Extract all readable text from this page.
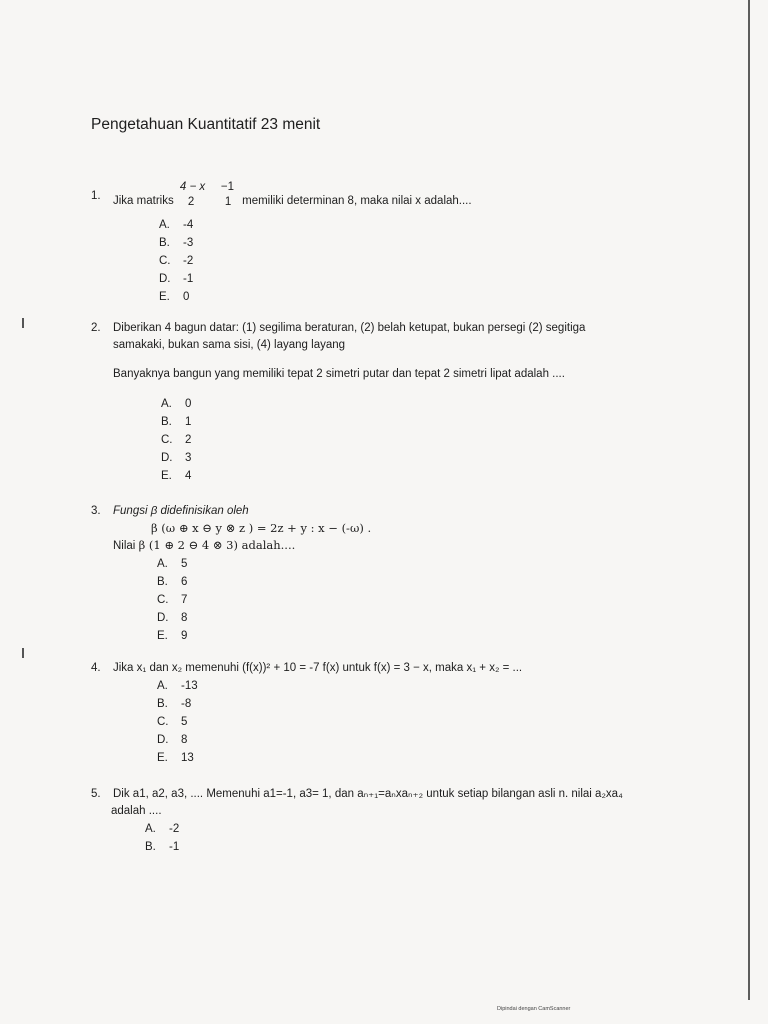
Pengetahuan Kuantitatif 23 menit
1. Jika matriks
4 − x −1
2	1 memiliki determinan 8, maka nilai x adalah....
A. -4
B. -3
C. -2
D. -1
E. 0
2. Diberikan 4 bagun datar: (1) segilima beraturan, (2) belah ketupat, bukan persegi (2) segitiga
samakaki, bukan sama sisi, (4) layang layang
Banyaknya bangun yang memiliki tepat 2 simetri putar dan tepat 2 simetri lipat adalah ....
A. 0
B. 1
C. 2
D. 3
E. 4
3. Fungsi β didefinisikan oleh
β (ω ⊕ x ⊖ y ⊗ z ) = 2z + y : x − (-ω) .
Nilai β (1 ⊕ 2 ⊖ 4 ⊗ 3) adalah....
A. 5
B. 6
C. 7
D. 8
E. 9
4. Jika x₁ dan x₂ memenuhi (f(x))² + 10 = -7 f(x) untuk f(x) = 3 − x, maka x₁ + x₂ = ...
A. -13
B. -8
C. 5
D. 8
E. 13
5. Dik a1, a2, a3, .... Memenuhi a1=-1, a3= 1, dan aₙ₊₁=aₙxaₙ₊₂ untuk setiap bilangan asli n. nilai a₂xa₄
adalah ....
A. -2
B. -1
Dipindai dengan CamScanner
